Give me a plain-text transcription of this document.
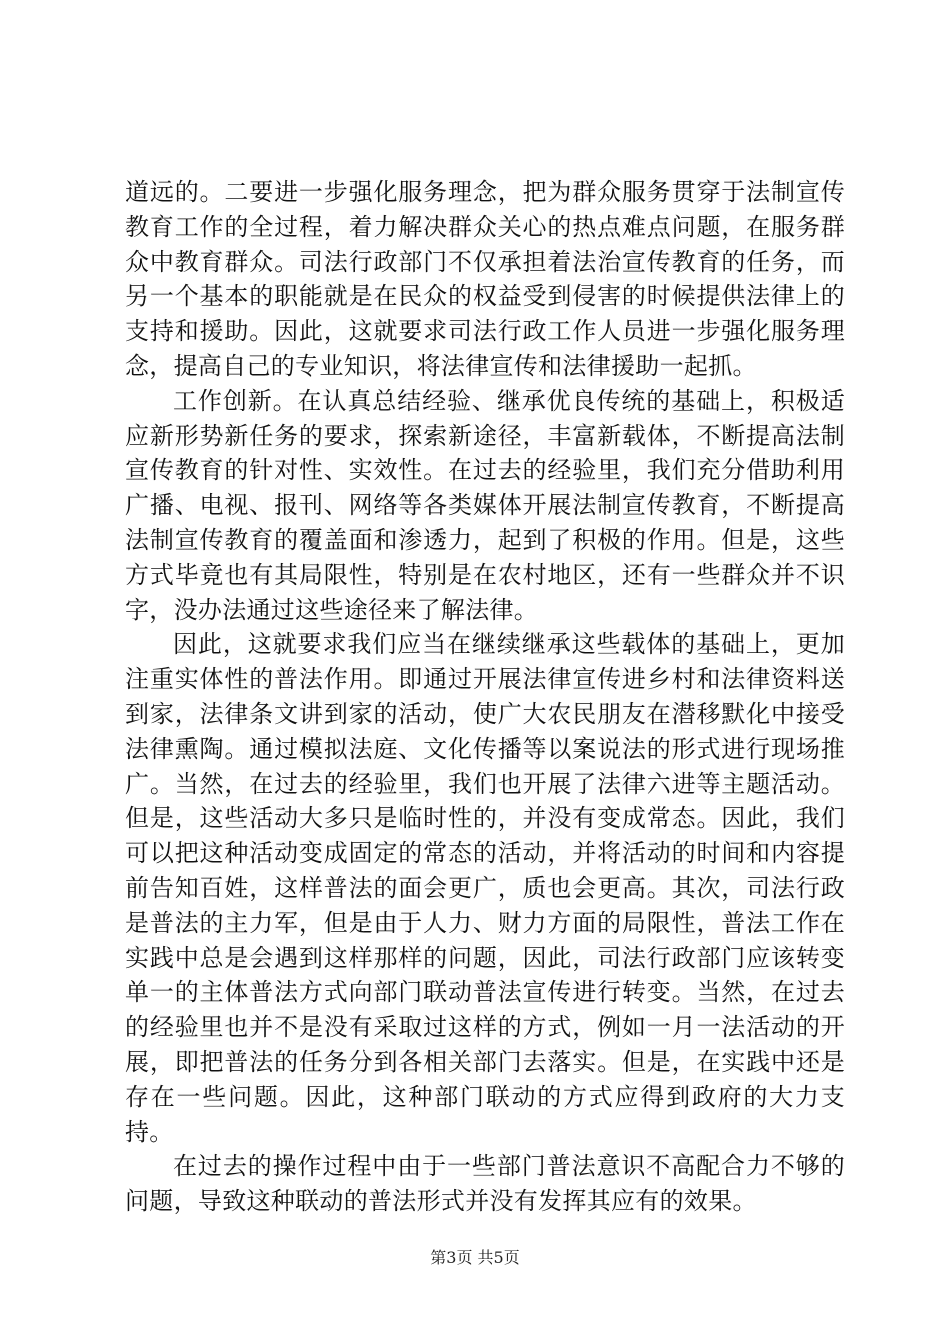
道远的。二要进一步强化服务理念，把为群众服务贯穿于法制宣传教育工作的全过程，着力解决群众关心的热点难点问题，在服务群众中教育群众。司法行政部门不仅承担着法治宣传教育的任务，而另一个基本的职能就是在民众的权益受到侵害的时候提供法律上的支持和援助。因此，这就要求司法行政工作人员进一步强化服务理念，提高自己的专业知识，将法律宣传和法律援助一起抓。

工作创新。在认真总结经验、继承优良传统的基础上，积极适应新形势新任务的要求，探索新途径，丰富新载体，不断提高法制宣传教育的针对性、实效性。在过去的经验里，我们充分借助利用广播、电视、报刊、网络等各类媒体开展法制宣传教育，不断提高法制宣传教育的覆盖面和渗透力，起到了积极的作用。但是，这些方式毕竟也有其局限性，特别是在农村地区，还有一些群众并不识字，没办法通过这些途径来了解法律。

因此，这就要求我们应当在继续继承这些载体的基础上，更加注重实体性的普法作用。即通过开展法律宣传进乡村和法律资料送到家，法律条文讲到家的活动，使广大农民朋友在潜移默化中接受法律熏陶。通过模拟法庭、文化传播等以案说法的形式进行现场推广。当然，在过去的经验里，我们也开展了法律六进等主题活动。但是，这些活动大多只是临时性的，并没有变成常态。因此，我们可以把这种活动变成固定的常态的活动，并将活动的时间和内容提前告知百姓，这样普法的面会更广，质也会更高。其次，司法行政是普法的主力军，但是由于人力、财力方面的局限性，普法工作在实践中总是会遇到这样那样的问题，因此，司法行政部门应该转变单一的主体普法方式向部门联动普法宣传进行转变。当然，在过去的经验里也并不是没有采取过这样的方式，例如一月一法活动的开展，即把普法的任务分到各相关部门去落实。但是，在实践中还是存在一些问题。因此，这种部门联动的方式应得到政府的大力支持。

在过去的操作过程中由于一些部门普法意识不高配合力不够的问题，导致这种联动的普法形式并没有发挥其应有的效果。

第3页 共5页
